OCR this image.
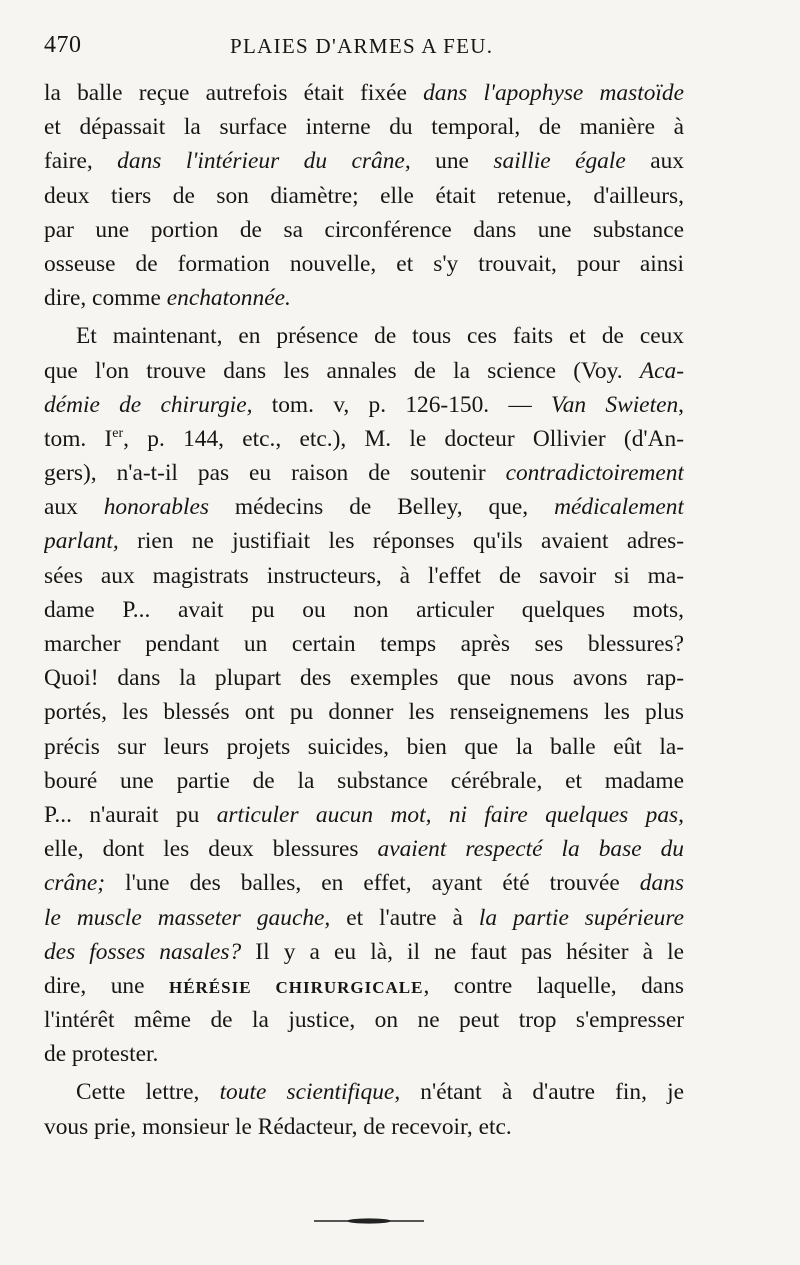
470	PLAIES D'ARMES A FEU.
la balle reçue autrefois était fixée dans l'apophyse mastoïde
et dépassait la surface interne du temporal, de manière à
faire, dans l'intérieur du crâne, une saillie égale aux
deux tiers de son diamètre; elle était retenue, d'ailleurs,
par une portion de sa circonférence dans une substance
osseuse de formation nouvelle, et s'y trouvait, pour ainsi
dire, comme enchatonnée.
Et maintenant, en présence de tous ces faits et de ceux
que l'on trouve dans les annales de la science (Voy. Aca-
démie de chirurgie, tom. v, p. 126-150. — Van Swieten,
tom. Ier, p. 144, etc., etc.), M. le docteur Ollivier (d'An-
gers), n'a-t-il pas eu raison de soutenir contradictoirement
aux honorables médecins de Belley, que, médicalement
parlant, rien ne justifiait les réponses qu'ils avaient adres-
sées aux magistrats instructeurs, à l'effet de savoir si ma-
dame P... avait pu ou non articuler quelques mots,
marcher pendant un certain temps après ses blessures?
Quoi! dans la plupart des exemples que nous avons rap-
portés, les blessés ont pu donner les renseignemens les plus
précis sur leurs projets suicides, bien que la balle eût la-
bouré une partie de la substance cérébrale, et madame
P... n'aurait pu articuler aucun mot, ni faire quelques pas,
elle, dont les deux blessures avaient respecté la base du
crâne; l'une des balles, en effet, ayant été trouvée dans
le muscle masseter gauche, et l'autre à la partie supérieure
des fosses nasales? Il y a eu là, il ne faut pas hésiter à le
dire, une HÉRÉSIE CHIRURGICALE, contre laquelle, dans
l'intérêt même de la justice, on ne peut trop s'empresser
de protester.
Cette lettre, toute scientifique, n'étant à d'autre fin, je
vous prie, monsieur le Rédacteur, de recevoir, etc.
